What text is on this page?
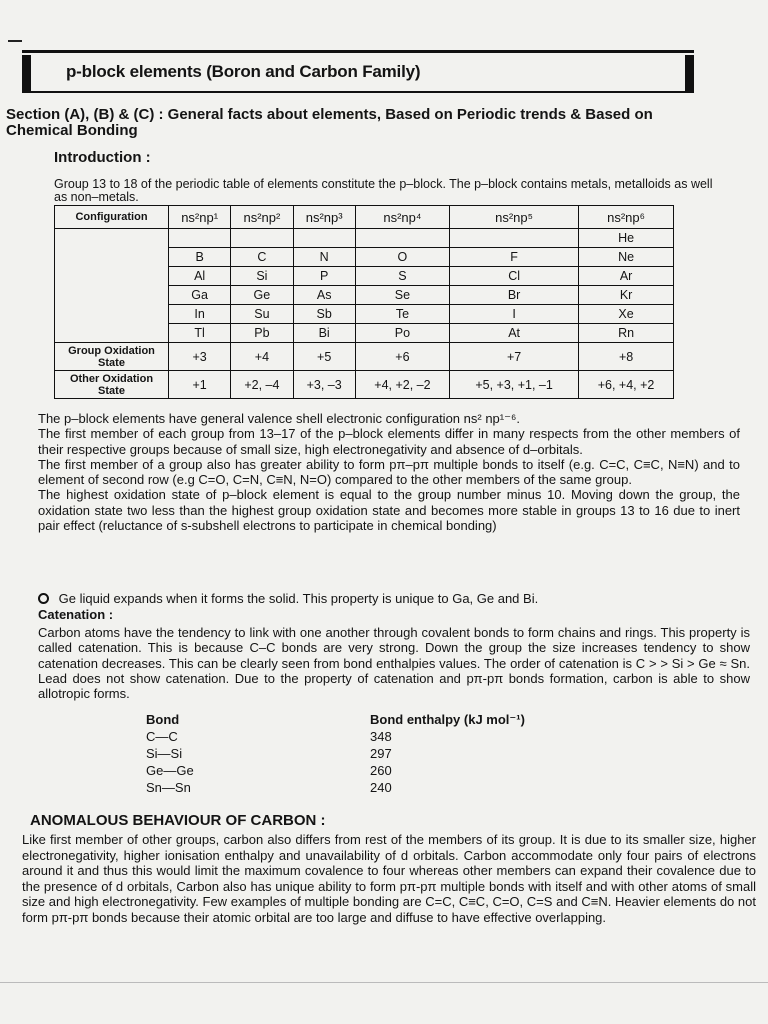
p-block elements (Boron and Carbon Family)
Section (A), (B) & (C) : General facts about elements, Based on Periodic trends & Based on Chemical Bonding
Introduction :
Group 13 to 18 of the periodic table of elements constitute the p–block. The p–block contains metals, metalloids as well as non–metals.
Configuration	ns²np¹	ns²np²	ns²np³	ns²np⁴	ns²np⁵	ns²np⁶
						He
	B	C	N	O	F	Ne
	Al	Si	P	S	Cl	Ar
	Ga	Ge	As	Se	Br	Kr
	In	Su	Sb	Te	I	Xe
	Tl	Pb	Bi	Po	At	Rn
Group Oxidation State	+3	+4	+5	+6	+7	+8
Other Oxidation State	+1	+2, –4	+3, –3	+4, +2, –2	+5, +3, +1, –1	+6, +4, +2
The p–block elements have general valence shell electronic configuration ns² np¹⁻⁶.
The first member of each group from 13–17 of the p–block elements differ in many respects from the other members of their respective groups because of small size, high electronegativity and absence of d–orbitals.
The first member of a group also has greater ability to form pπ–pπ multiple bonds to itself (e.g. C=C, C≡C, N≡N) and to element of second row (e.g C=O, C=N, C≡N, N=O) compared to the other members of the same group.
The highest oxidation state of p–block element is equal to the group number minus 10. Moving down the group, the oxidation state two less than the highest group oxidation state and becomes more stable in groups 13 to 16 due to inert pair effect (reluctance of s-subshell electrons to participate in chemical bonding)
Ge liquid expands when it forms the solid. This property is unique to Ga, Ge and Bi.
Catenation :
Carbon atoms have the tendency to link with one another through covalent bonds to form chains and rings. This property is called catenation. This is because C–C bonds are very strong. Down the group the size increases tendency to show catenation decreases. This can be clearly seen from bond enthalpies values. The order of catenation is C > > Si > Ge ≈ Sn. Lead does not show catenation. Due to the property of catenation and pπ-pπ bonds formation, carbon is able to show allotropic forms.
Bond	Bond enthalpy (kJ mol⁻¹)
C—C	348
Si—Si	297
Ge—Ge	260
Sn—Sn	240
ANOMALOUS BEHAVIOUR OF CARBON :
Like first member of other groups, carbon also differs from rest of the members of its group. It is due to its smaller size, higher electronegativity, higher ionisation enthalpy and unavailability of d orbitals. Carbon accommodate only four pairs of electrons around it and thus this would limit the maximum covalence to four whereas other members can expand their covalence due to the presence of d orbitals, Carbon also has unique ability to form pπ-pπ multiple bonds with itself and with other atoms of small size and high electronegativity. Few examples of multiple bonding are C=C, C≡C, C=O, C=S and C≡N. Heavier elements do not form pπ-pπ bonds because their atomic orbital are too large and diffuse to have effective overlapping.
